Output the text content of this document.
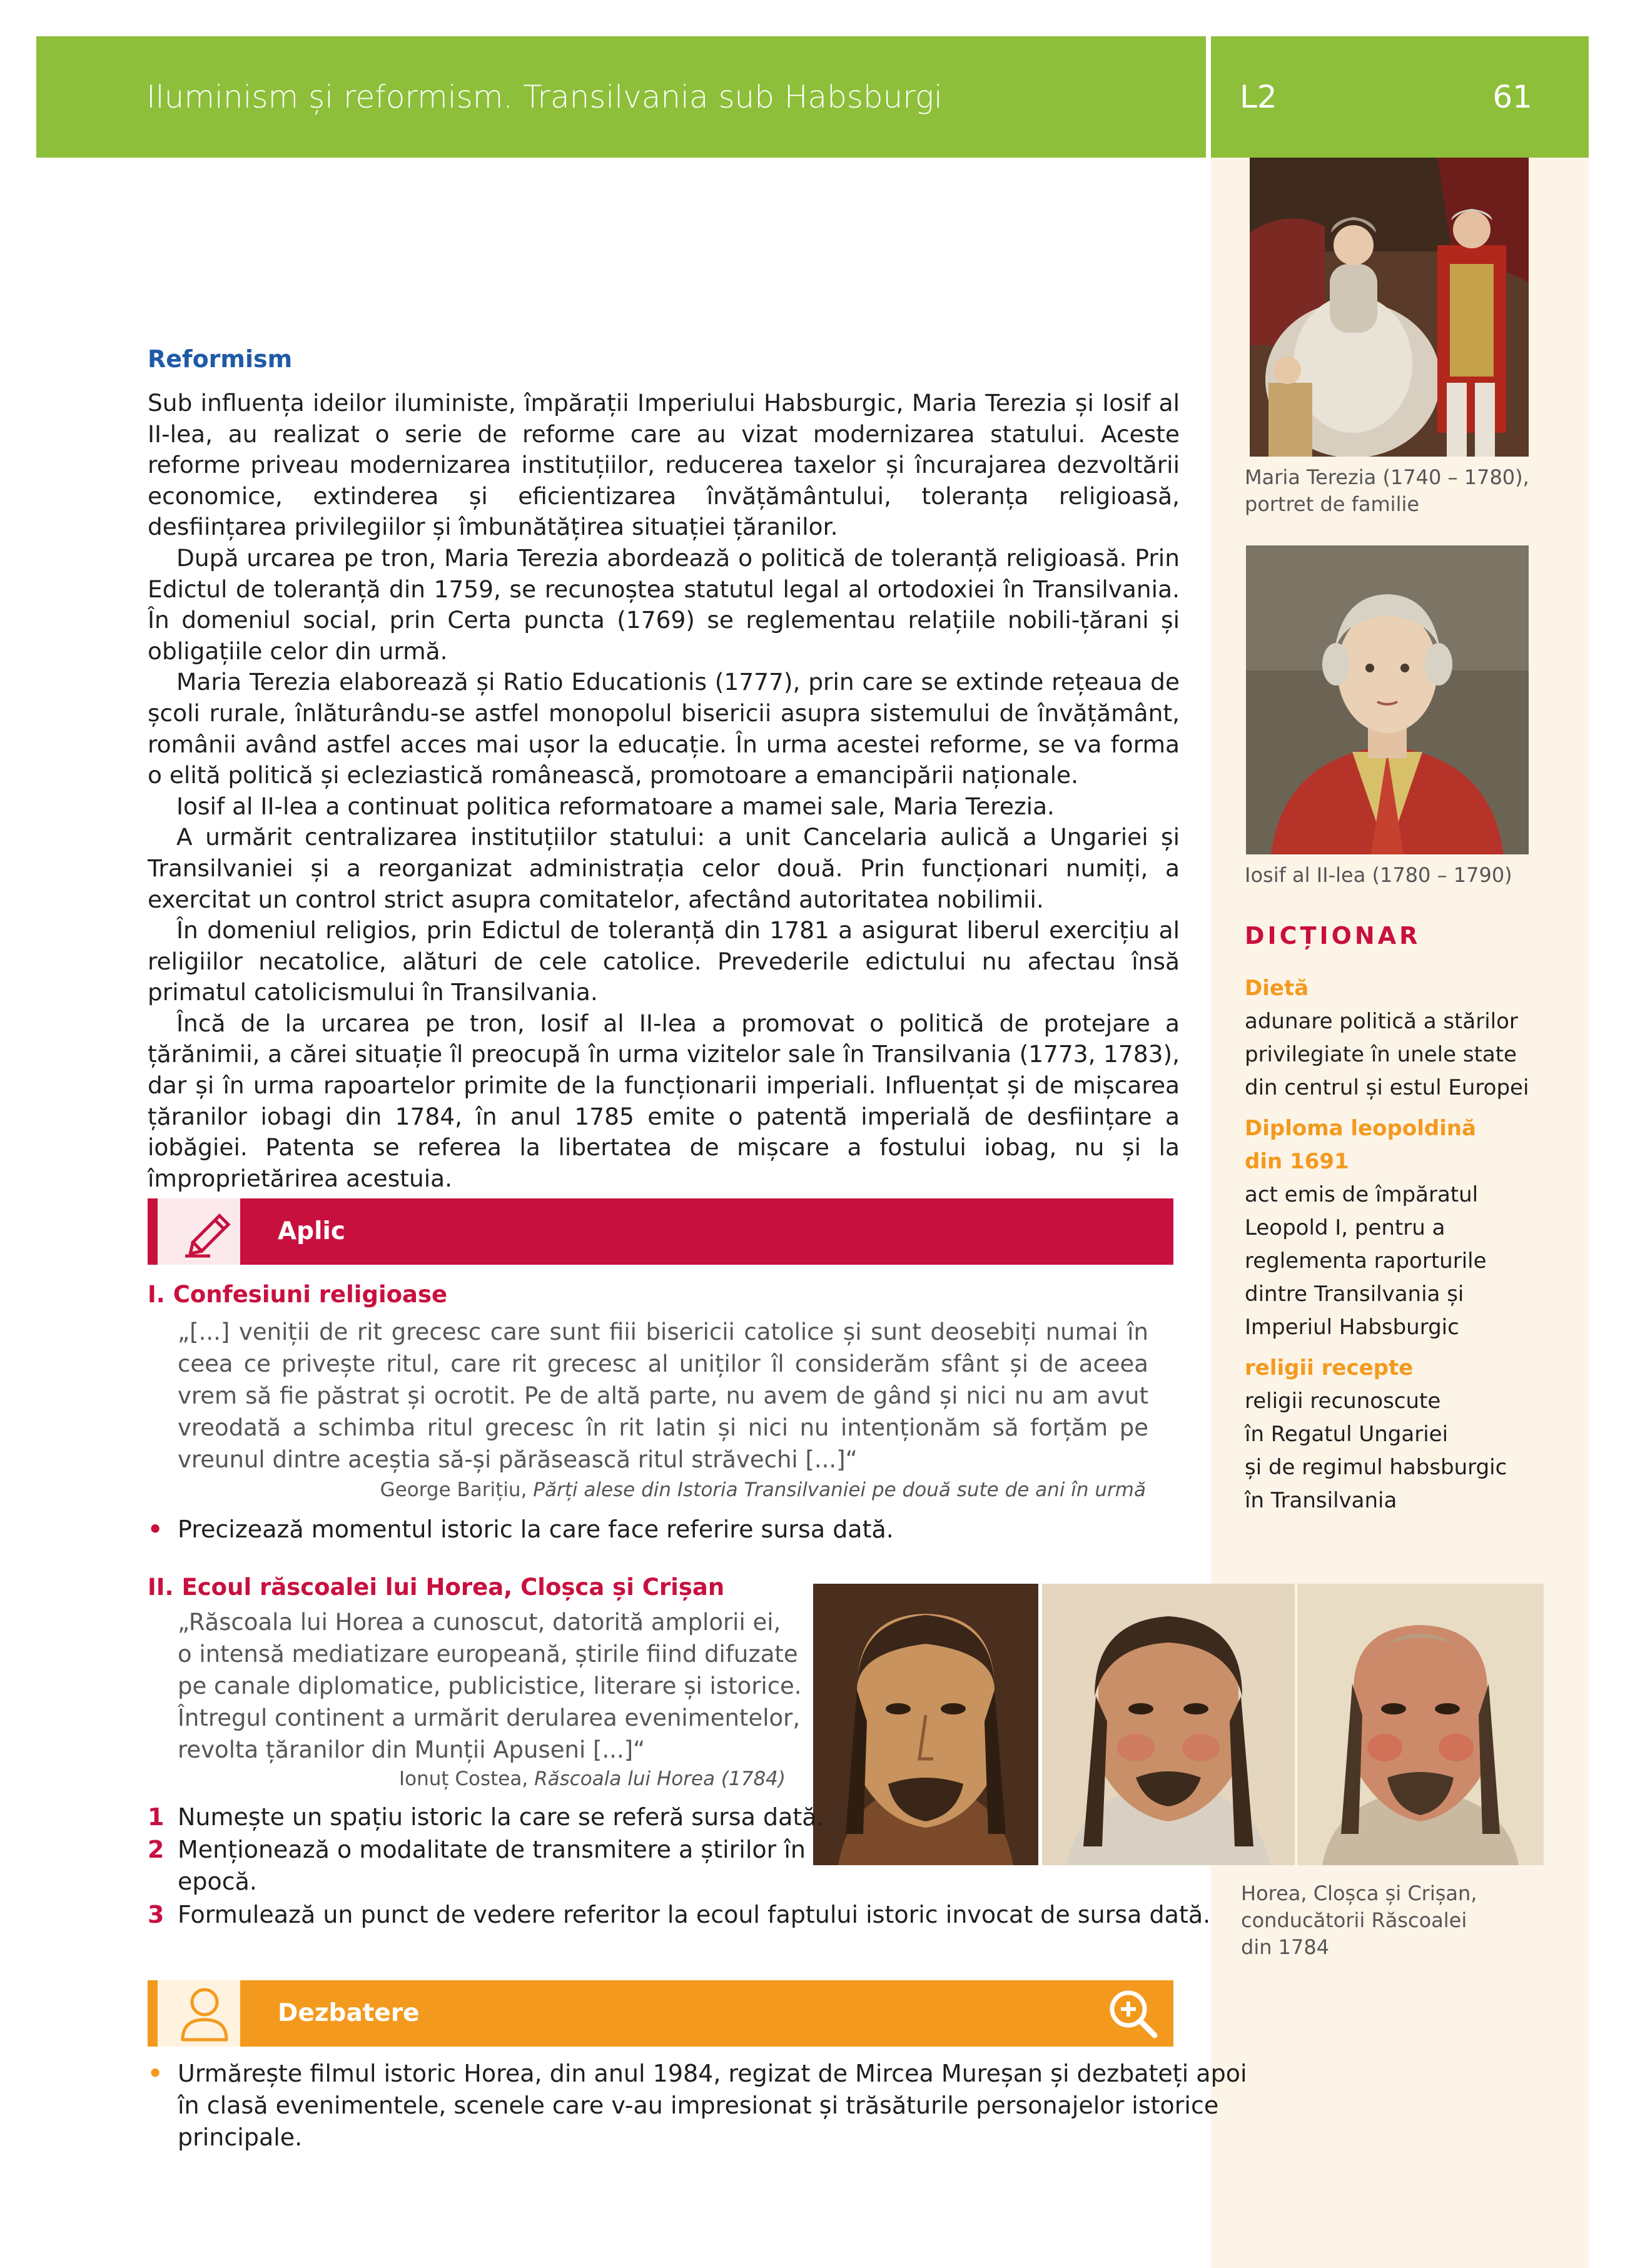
Iluminism și reformism. Transilvania sub Habsburgi	L2	61
Maria Terezia (1740 – 1780),
portret de familie
Iosif al II-lea (1780 – 1790)
DICȚIONAR
Dietă
adunare politică a stărilor
privilegiate în unele state
din centrul și estul Europei
Diploma leopoldină
din 1691
act emis de împăratul
Leopold I, pentru a
reglementa raporturile
dintre Transilvania și
Imperiul Habsburgic
religii recepte
religii recunoscute
în Regatul Ungariei
și de regimul habsburgic
în Transilvania
Reformism

Sub influența ideilor iluministe, împărații Imperiului Habsburgic, Maria Terezia și Iosif al II-lea, au realizat o serie de reforme care au vizat modernizarea statului. Aceste reforme priveau modernizarea instituțiilor, reducerea taxelor și încurajarea dezvoltării economice, extinderea și eficientizarea învățământului, toleranța religioasă, desființarea privilegiilor și îmbunătățirea situației țăranilor.

După urcarea pe tron, Maria Terezia abordează o politică de toleranță religioasă. Prin Edictul de toleranță din 1759, se recunoștea statutul legal al ortodoxiei în Transilvania. În domeniul social, prin Certa puncta (1769) se reglementau relațiile nobili-țărani și obligațiile celor din urmă.

Maria Terezia elaborează și Ratio Educationis (1777), prin care se extinde rețeaua de școli rurale, înlăturându-se astfel monopolul bisericii asupra sistemului de învățământ, românii având astfel acces mai ușor la educație. În urma acestei reforme, se va forma o elită politică și ecleziastică românească, promotoare a emancipării naționale.

Iosif al II-lea a continuat politica reformatoare a mamei sale, Maria Terezia.

A urmărit centralizarea instituțiilor statului: a unit Cancelaria aulică a Ungariei și Transilvaniei și a reorganizat administrația celor două. Prin funcționari numiți, a exercitat un control strict asupra comitatelor, afectând autoritatea nobilimii.

În domeniul religios, prin Edictul de toleranță din 1781 a asigurat liberul exercițiu al religiilor necatolice, alături de cele catolice. Prevederile edictului nu afectau însă primatul catolicismului în Transilvania.

Încă de la urcarea pe tron, Iosif al II-lea a promovat o politică de protejare a țărănimii, a cărei situație îl preocupă în urma vizitelor sale în Transilvania (1773, 1783), dar și în urma rapoartelor primite de la funcționarii imperiali. Influențat și de mișcarea țăranilor iobagi din 1784, în anul 1785 emite o patentă imperială de desființare a iobăgiei. Patenta se referea la libertatea de mișcare a fostului iobag, nu și la împroprietărirea acestuia.

Aplic
I. Confesiuni religioase
„[...] veniții de rit grecesc care sunt fiii bisericii catolice și sunt deosebiți numai în ceea ce privește ritul, care rit grecesc al uniților îl considerăm sfânt și de aceea vrem să fie păstrat și ocrotit. Pe de altă parte, nu avem de gând și nici nu am avut vreodată a schimba ritul grecesc în rit latin și nici nu intenționăm să forțăm pe vreunul dintre aceștia să-și părăsească ritul străvechi [...]“
George Barițiu, Părți alese din Istoria Transilvaniei pe două sute de ani în urmă
• Precizează momentul istoric la care face referire sursa dată.
II. Ecoul răscoalei lui Horea, Cloșca și Crișan
„Răscoala lui Horea a cunoscut, datorită amplorii ei,
o intensă mediatizare europeană, știrile fiind difuzate
pe canale diplomatice, publicistice, literare și istorice.
Întregul continent a urmărit derularea evenimentelor,
revolta țăranilor din Munții Apuseni [...]“
Ionuț Costea, Răscoala lui Horea (1784)
Horea, Cloșca și Crișan,
conducătorii Răscoalei
din 1784
1 Numește un spațiu istoric la care se referă sursa dată.
2 Menționează o modalitate de transmitere a știrilor în
epocă.
3 Formulează un punct de vedere referitor la ecoul faptului istoric invocat de sursa dată.
Dezbatere
• Urmărește filmul istoric Horea, din anul 1984, regizat de Mircea Mureșan și dezbateți apoi
în clasă evenimentele, scenele care v-au impresionat și trăsăturile personajelor istorice
principale.
